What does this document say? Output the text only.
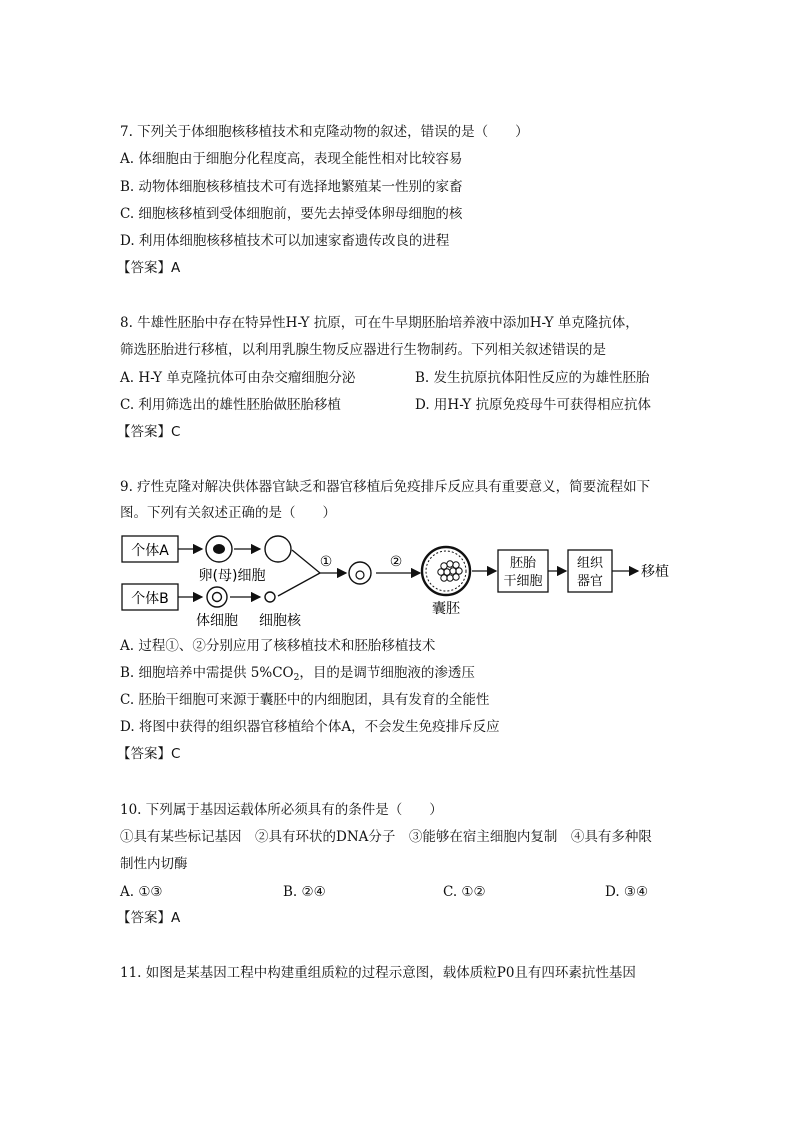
7. 下列关于体细胞核移植技术和克隆动物的叙述，错误的是（　　）
A. 体细胞由于细胞分化程度高，表现全能性相对比较容易
B. 动物体细胞核移植技术可有选择地繁殖某一性别的家畜
C. 细胞核移植到受体细胞前，要先去掉受体卵母细胞的核
D. 利用体细胞核移植技术可以加速家畜遗传改良的进程
【答案】A
8. 牛雄性胚胎中存在特异性H-Y 抗原，可在牛早期胚胎培养液中添加H-Y 单克隆抗体，
筛选胚胎进行移植，以利用乳腺生物反应器进行生物制药。下列相关叙述错误的是
A. H-Y 单克隆抗体可由杂交瘤细胞分泌	B. 发生抗原抗体阳性反应的为雄性胚胎
C. 利用筛选出的雄性胚胎做胚胎移植	D. 用H-Y 抗原免疫母牛可获得相应抗体
【答案】C
9. 疗性克隆对解决供体器官缺乏和器官移植后免疫排斥反应具有重要意义，简要流程如下
图。下列有关叙述正确的是（　　）
个体A
卵(母)细胞
个体B
体细胞 细胞核
①	②
囊胚
胚胎
干细胞
组织
器官
移植
A. 过程①、②分别应用了核移植技术和胚胎移植技术
B. 细胞培养中需提供 $5\%CO_2$，目的是调节细胞液的渗透压
C. 胚胎干细胞可来源于囊胚中的内细胞团，具有发育的全能性
D. 将图中获得的组织器官移植给个体A，不会发生免疫排斥反应
【答案】C
10. 下列属于基因运载体所必须具有的条件是（　　）
①具有某些标记基因　②具有环状的DNA分子　③能够在宿主细胞内复制　④具有多种限
制性内切酶
A. ①③	B. ②④	C. ①②	D. ③④
【答案】A
11. 如图是某基因工程中构建重组质粒的过程示意图，载体质粒P0且有四环素抗性基因
